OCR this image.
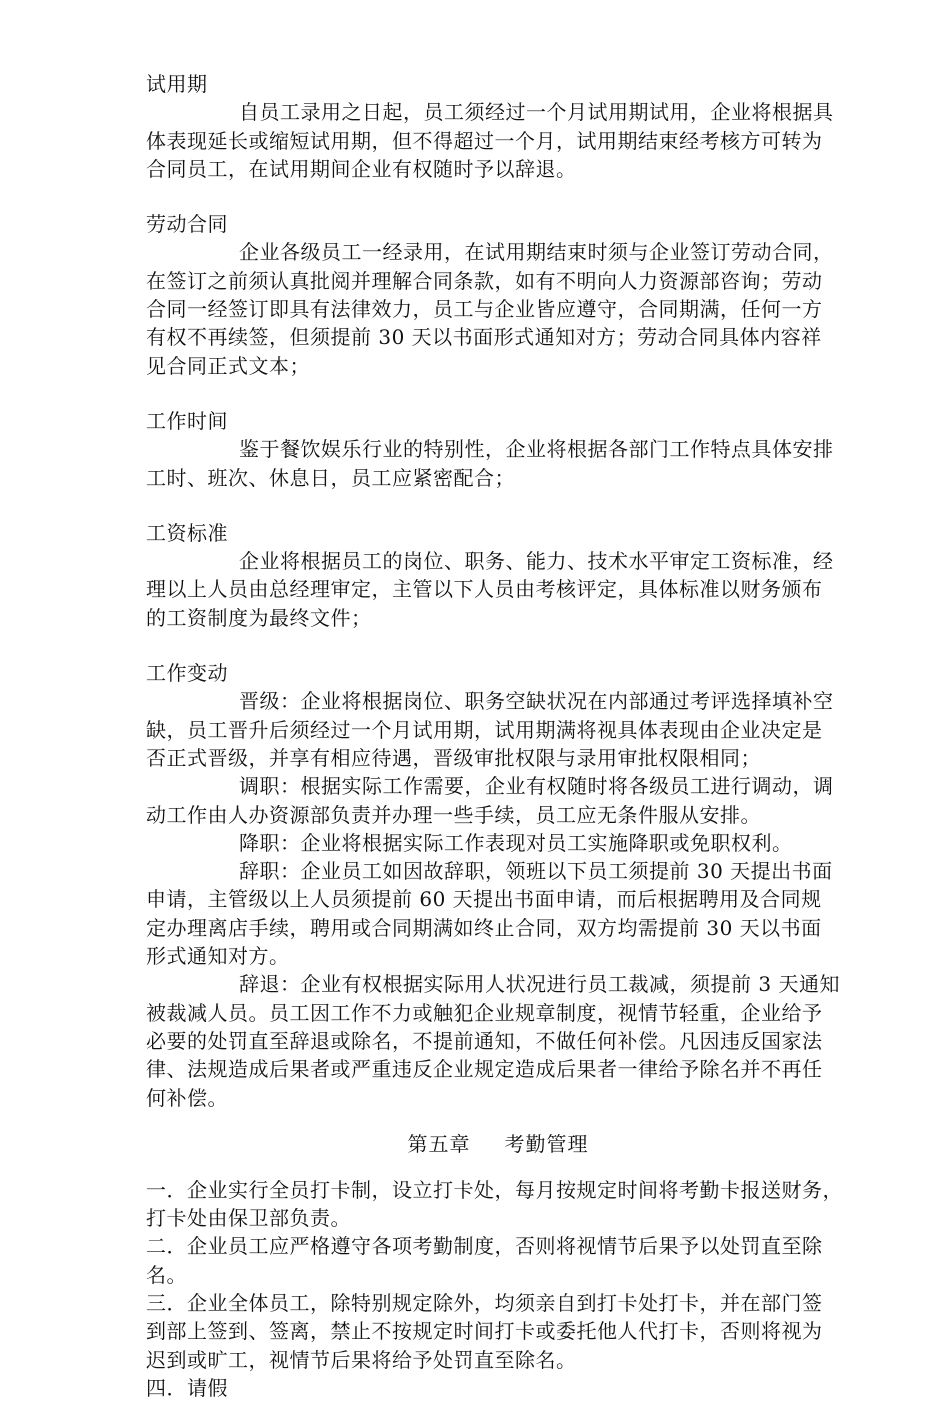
试用期
自员工录用之日起，员工须经过一个月试用期试用，企业将根据具
体表现延长或缩短试用期，但不得超过一个月，试用期结束经考核方可转为
合同员工，在试用期间企业有权随时予以辞退。
劳动合同
企业各级员工一经录用，在试用期结束时须与企业签订劳动合同，
在签订之前须认真批阅并理解合同条款，如有不明向人力资源部咨询；劳动
合同一经签订即具有法律效力，员工与企业皆应遵守，合同期满，任何一方
有权不再续签，但须提前 30 天以书面形式通知对方；劳动合同具体内容祥
见合同正式文本；
工作时间
鉴于餐饮娱乐行业的特别性，企业将根据各部门工作特点具体安排
工时、班次、休息日，员工应紧密配合；
工资标准
企业将根据员工的岗位、职务、能力、技术水平审定工资标准，经
理以上人员由总经理审定，主管以下人员由考核评定，具体标准以财务颁布
的工资制度为最终文件；
工作变动
晋级：企业将根据岗位、职务空缺状况在内部通过考评选择填补空
缺，员工晋升后须经过一个月试用期，试用期满将视具体表现由企业决定是
否正式晋级，并享有相应待遇，晋级审批权限与录用审批权限相同；
调职：根据实际工作需要，企业有权随时将各级员工进行调动，调
动工作由人办资源部负责并办理一些手续，员工应无条件服从安排。
降职：企业将根据实际工作表现对员工实施降职或免职权利。
辞职：企业员工如因故辞职，领班以下员工须提前 30 天提出书面
申请，主管级以上人员须提前 60 天提出书面申请，而后根据聘用及合同规
定办理离店手续，聘用或合同期满如终止合同，双方均需提前 30 天以书面
形式通知对方。
辞退：企业有权根据实际用人状况进行员工裁减，须提前 3 天通知
被裁减人员。员工因工作不力或触犯企业规章制度，视情节轻重，企业给予
必要的处罚直至辞退或除名，不提前通知，不做任何补偿。凡因违反国家法
律、法规造成后果者或严重违反企业规定造成后果者一律给予除名并不再任
何补偿。
第五章 考勤管理
一．企业实行全员打卡制，设立打卡处，每月按规定时间将考勤卡报送财务，
打卡处由保卫部负责。
二．企业员工应严格遵守各项考勤制度，否则将视情节后果予以处罚直至除
名。
三．企业全体员工，除特别规定除外，均须亲自到打卡处打卡，并在部门签
到部上签到、签离，禁止不按规定时间打卡或委托他人代打卡，否则将视为
迟到或旷工，视情节后果将给予处罚直至除名。
四．请假
